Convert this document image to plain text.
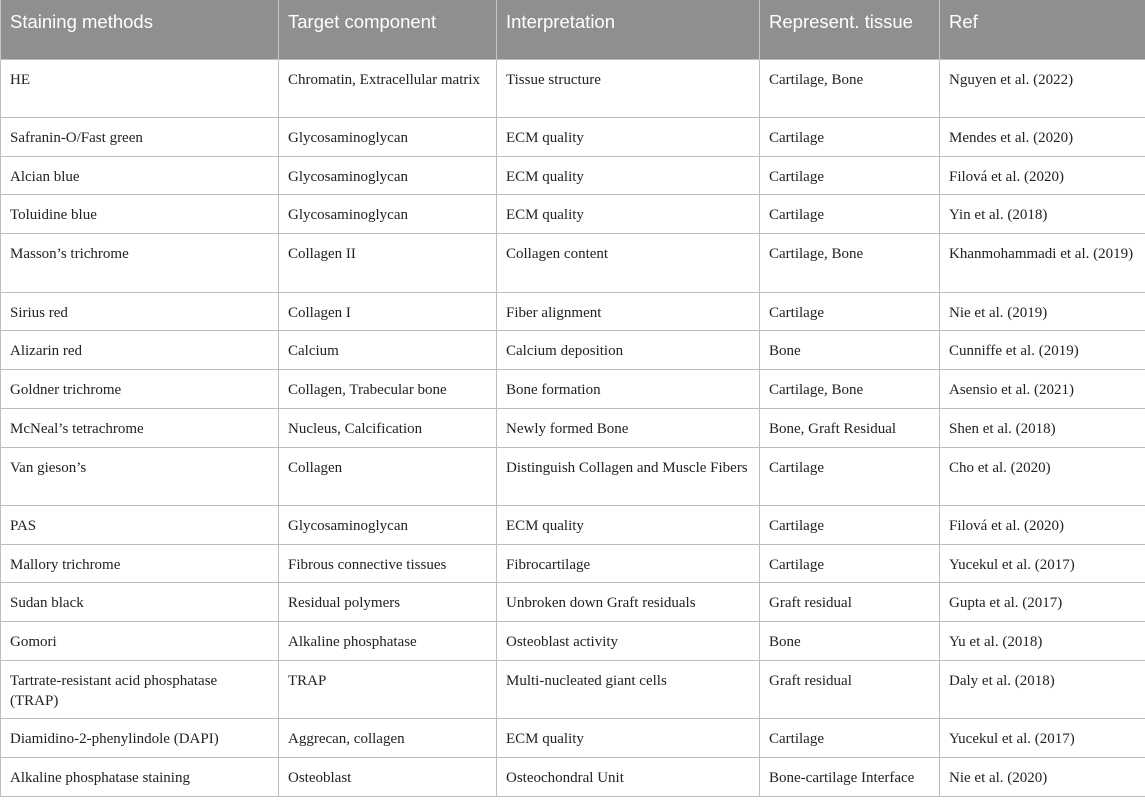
Staining methods	Target component	Interpretation	Represent. tissue	Ref
HE	Chromatin, Extracellular matrix	Tissue structure	Cartilage, Bone	Nguyen et al. (2022)
Safranin-O/Fast green	Glycosaminoglycan	ECM quality	Cartilage	Mendes et al. (2020)
Alcian blue	Glycosaminoglycan	ECM quality	Cartilage	Filová et al. (2020)
Toluidine blue	Glycosaminoglycan	ECM quality	Cartilage	Yin et al. (2018)
Masson’s trichrome	Collagen II	Collagen content	Cartilage, Bone	Khanmohammadi et al. (2019)
Sirius red	Collagen I	Fiber alignment	Cartilage	Nie et al. (2019)
Alizarin red	Calcium	Calcium deposition	Bone	Cunniffe et al. (2019)
Goldner trichrome	Collagen, Trabecular bone	Bone formation	Cartilage, Bone	Asensio et al. (2021)
McNeal’s tetrachrome	Nucleus, Calcification	Newly formed Bone	Bone, Graft Residual	Shen et al. (2018)
Van gieson’s	Collagen	Distinguish Collagen and Muscle Fibers	Cartilage	Cho et al. (2020)
PAS	Glycosaminoglycan	ECM quality	Cartilage	Filová et al. (2020)
Mallory trichrome	Fibrous connective tissues	Fibrocartilage	Cartilage	Yucekul et al. (2017)
Sudan black	Residual polymers	Unbroken down Graft residuals	Graft residual	Gupta et al. (2017)
Gomori	Alkaline phosphatase	Osteoblast activity	Bone	Yu et al. (2018)
Tartrate-resistant acid phosphatase (TRAP)	TRAP	Multi-nucleated giant cells	Graft residual	Daly et al. (2018)
Diamidino-2-phenylindole (DAPI)	Aggrecan, collagen	ECM quality	Cartilage	Yucekul et al. (2017)
Alkaline phosphatase staining	Osteoblast	Osteochondral Unit	Bone-cartilage Interface	Nie et al. (2020)
